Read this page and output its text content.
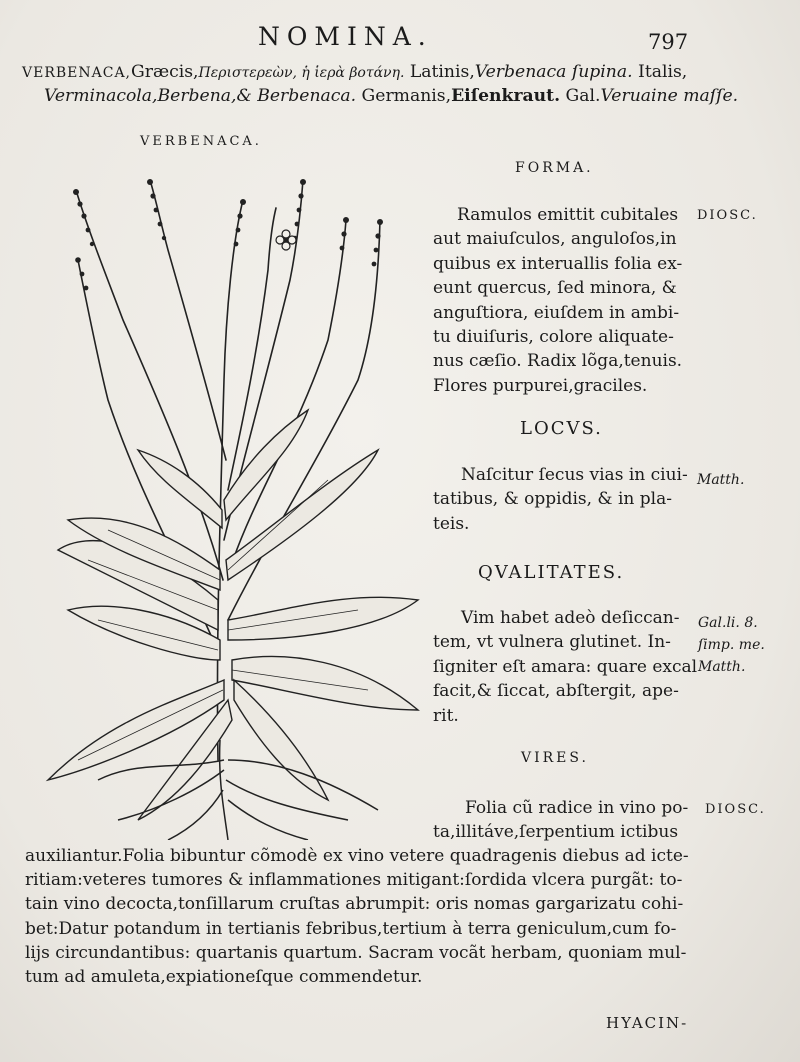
NOMINA.	797
VERBENACA,Græcis,Περιστερεὼν, ἡ ἱερὰ βοτάνη. Latinis,Verbenaca ſupina. Italis,
Verminacola,Berbena,& Berbenaca. Germanis,Eiſenkraut. Gal.Veruaine maſſe.
VERBENACA.
FORMA.
Ramulos emittit cubitales
aut maiuſculos, anguloſos,in
quibus ex interuallis folia ex-
eunt quercus, ſed minora, &
anguſtiora, eiuſdem in ambi-
tu diuiſuris, colore aliquate-
nus cæſio. Radix lõga,tenuis.
Flores purpurei,graciles.
DIOSC.
LOCVS.
Naſcitur ſecus vias in ciui-
tatibus, & oppidis, & in pla-
teis.
Matth.
QVALITATES.
Vim habet adeò deſiccan-
tem, vt vulnera glutinet. In-
ſigniter eſt amara: quare excal
facit,& ſiccat, abſtergit, ape-
rit.
Gal.li. 8.
ſimp. me.
Matth.
VIRES.
Folia cũ radice in vino po-
ta,illitáve,ſerpentium ictibus
DIOSC.
auxiliantur.Folia bibuntur cõmodè ex vino vetere quadragenis diebus ad icte-
ritiam:veteres tumores & inflammationes mitigant:ſordida vlcera purgãt: to-
tain vino decocta,tonſillarum cruſtas abrumpit: oris nomas gargarizatu cohi-
bet:Datur potandum in tertianis febribus,tertium à terra geniculum,cum fo-
lijs circundantibus: quartanis quartum. Sacram vocãt herbam, quoniam mul-
tum ad amuleta,expiationeſque commendetur.
HYACIN-
